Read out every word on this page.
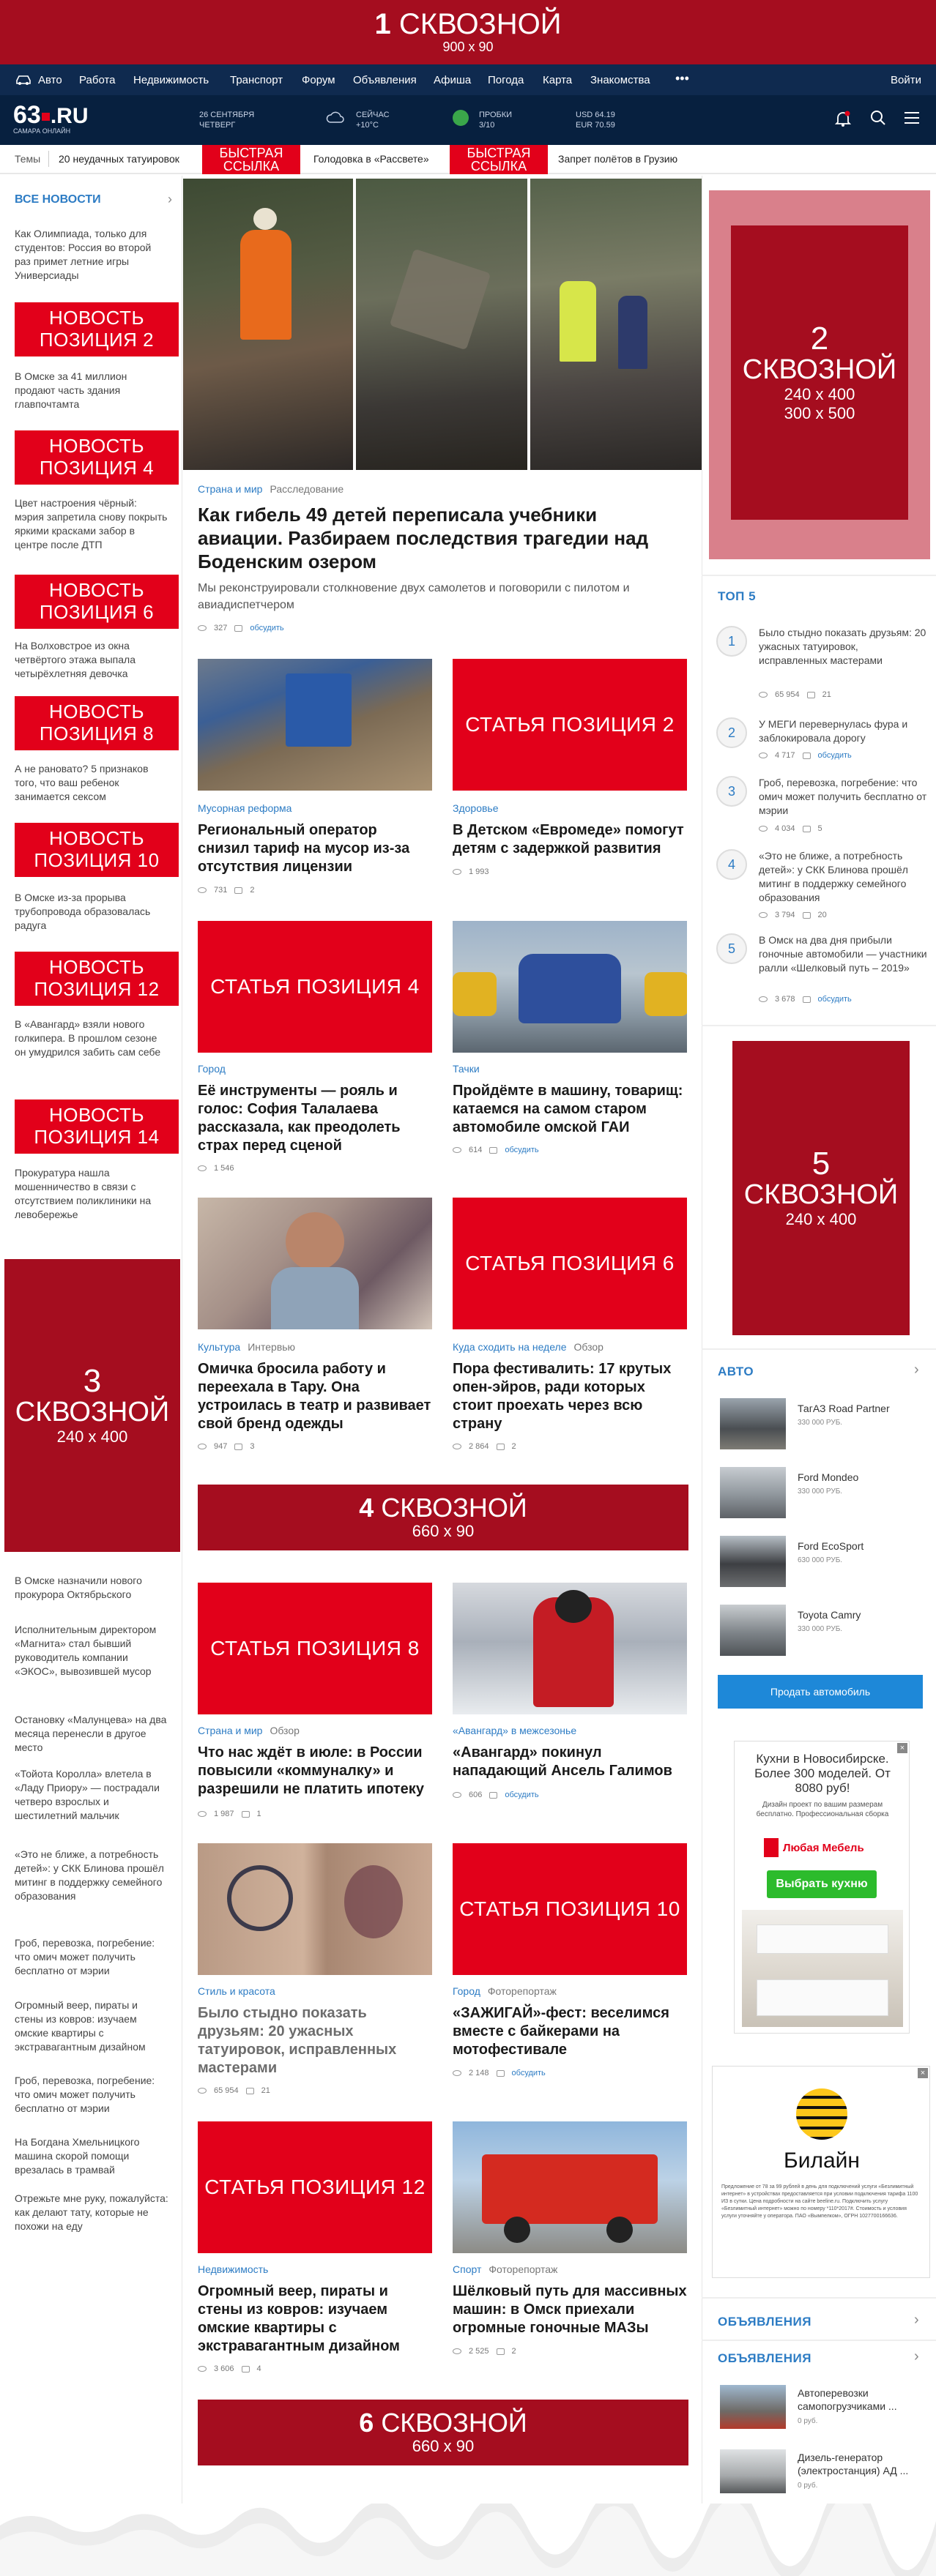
1 СКВОЗНОЙ
900 x 90
Авто Работа Недвижимость Транспорт Форум Объявления Афиша Погода Карта Знакомства •••	Войти
63 .RU
САМАРА ОНЛАЙН
26 СЕНТЯБРЯ
ЧЕТВЕРГ
СЕЙЧАС
+10°C
ПРОБКИ
3/10
USD 64.19
EUR 70.59
Темы 20 неудачных татуировок	БЫСТРАЯ ССЫЛКА	Голодовка в «Рассвете»	БЫСТРАЯ ССЫЛКА	Запрет полётов в Грузию
ВСЕ НОВОСТИ	›
Как Олимпиада, только для студентов: Россия во второй раз примет летние игры Универсиады
НОВОСТЬ ПОЗИЦИЯ 2
В Омске за 41 миллион продают часть здания главпочтамта
НОВОСТЬ ПОЗИЦИЯ 4
Цвет настроения чёрный: мэрия запретила снову покрыть яркими красками забор в центре после ДТП
НОВОСТЬ ПОЗИЦИЯ 6
На Волховстрое из окна четвёртого этажа выпала четырёхлетняя девочка
НОВОСТЬ ПОЗИЦИЯ 8
А не рановато? 5 признаков того, что ваш ребенок занимается сексом
НОВОСТЬ ПОЗИЦИЯ 10
В Омске из-за прорыва трубопровода образовалась радуга
НОВОСТЬ ПОЗИЦИЯ 12
В «Авангард» взяли нового голкипера. В прошлом сезоне он умудрился забить сам себе
НОВОСТЬ ПОЗИЦИЯ 14
Прокуратура нашла мошенничество в связи с отсутствием поликлиники на левобережье
3
СКВОЗНОЙ
240 x 400
В Омске назначили нового прокурора Октябрьского
Исполнительным директором «Магнита» стал бывший руководитель компании «ЭКОС», вывозившей мусор
Остановку «Малунцева» на два месяца перенесли в другое место
«Тойота Королла» влетела в «Ладу Приору» — пострадали четверо взрослых и шестилетний мальчик
«Это не ближе, а потребность детей»: у СКК Блинова прошёл митинг в поддержку семейного образования
Гроб, перевозка, погребение: что омич может получить бесплатно от мэрии
Огромный веер, пираты и стены из ковров: изучаем омские квартиры с экстравагантным дизайном
Гроб, перевозка, погребение: что омич может получить бесплатно от мэрии
На Богдана Хмельницкого машина скорой помощи врезалась в трамвай
Отрежьте мне руку, пожалуйста: как делают тату, которые не похожи на еду
Страна и мир Расследование
Как гибель 49 детей переписала учебники авиации. Разбираем последствия трагедии над Боденским озером
Мы реконструировали столкновение двух самолетов и поговорили с пилотом и авиадиспетчером
327	обсудить
Мусорная реформа
Региональный оператор снизил тариф на мусор из-за отсутствия лицензии
731	2
СТАТЬЯ ПОЗИЦИЯ 2
Здоровье
В Детском «Евромеде» помогут детям с задержкой развития
1 993
СТАТЬЯ ПОЗИЦИЯ 4
Город
Её инструменты — рояль и голос: София Талалаева рассказала, как преодолеть страх перед сценой
1 546
Тачки
Пройдёмте в машину, товарищ: катаемся на самом старом автомобиле омской ГАИ
614	обсудить
Культура Интервью
Омичка бросила работу и переехала в Тару. Она устроилась в театр и развивает свой бренд одежды
947	3
СТАТЬЯ ПОЗИЦИЯ 6
Куда сходить на неделе Обзор
Пора фестивалить: 17 крутых опен-эйров, ради которых стоит проехать через всю страну
2 864	2
4 СКВОЗНОЙ
660 x 90
СТАТЬЯ ПОЗИЦИЯ 8
Страна и мир Обзор
Что нас ждёт в июле: в России повысили «коммуналку» и разрешили не платить ипотеку
1 987	1
«Авангард» в межсезонье
«Авангард» покинул нападающий Ансель Галимов
606	обсудить
Стиль и красота
Было стыдно показать друзьям: 20 ужасных татуировок, исправленных мастерами
65 954	21
СТАТЬЯ ПОЗИЦИЯ 10
Город Фоторепортаж
«ЗАЖИГАЙ»-фест: веселимся вместе с байкерами на мотофестивале
2 148	обсудить
СТАТЬЯ ПОЗИЦИЯ 12
Недвижимость
Огромный веер, пираты и стены из ковров: изучаем омские квартиры с экстравагантным дизайном
3 606	4
Спорт Фоторепортаж
Шёлковый путь для массивных машин: в Омск приехали огромные гоночные МАЗы
2 525	2
6 СКВОЗНОЙ
660 x 90
2
СКВОЗНОЙ
240 x 400
300 x 500
ТОП 5
1
Было стыдно показать друзьям: 20 ужасных татуировок, исправленных мастерами
65 954	21
2
У МЕГИ перевернулась фура и заблокировала дорогу
4 717	обсудить
3
Гроб, перевозка, погребение: что омич может получить бесплатно от мэрии
4 034	5
4
«Это не ближе, а потребность детей»: у СКК Блинова прошёл митинг в поддержку семейного образования
3 794	20
5
В Омск на два дня прибыли гоночные автомобили — участники ралли «Шелковый путь – 2019»
3 678	обсудить
5
СКВОЗНОЙ
240 x 400
АВТО	›
ТагАЗ Road Partner
330 000 РУБ.
Ford Mondeo
330 000 РУБ.
Ford EcoSport
630 000 РУБ.
Toyota Camry
330 000 РУБ.
Продать автомобиль
×
Кухни в Новосибирске. Более 300 моделей. От 8080 руб!
Дизайн проект по вашим размерам бесплатно. Профессиональная сборка
Любая Мебель
Выбрать кухню
×
Билайн
Предложение от 78 за 99 рублей в день для подключений услуги «Безлимитный интернет» в устройствах предоставляется при условии подключения тарифа 1100 ИЗ в сутки. Цена подробности на сайте beeline.ru. Подключить услугу «Безлимитный интернет» можно по номеру *110*2017#. Стоимость и условия услуги уточняйте у оператора. ПАО «Вымпелком», ОГРН 1027700166636.
ОБЪЯВЛЕНИЯ	›
ОБЪЯВЛЕНИЯ	›
Автоперевозки самопогрузчиками ...
0 руб.
Дизель-генератор (электростанция) АД ...
0 руб.
